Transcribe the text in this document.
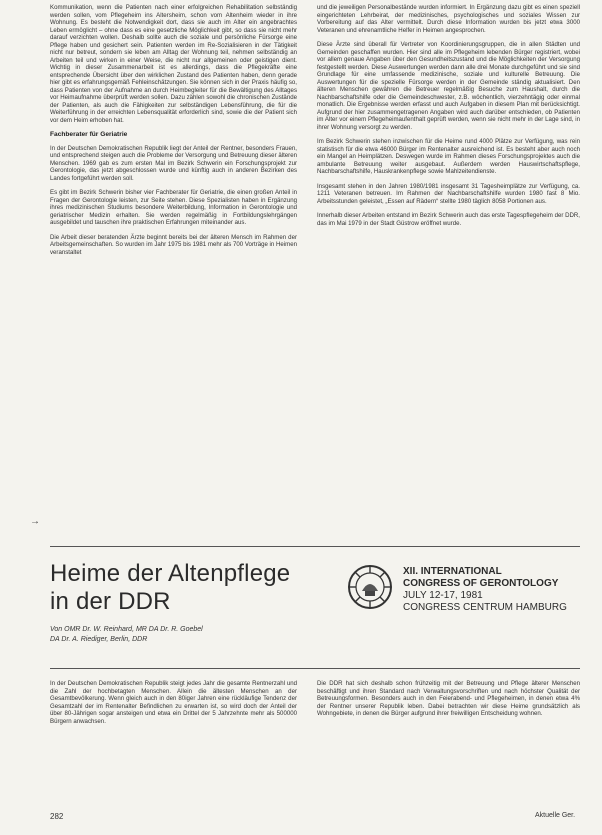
Kommunikation, wenn die Patienten nach einer erfolgreichen Rehabilitation selbständig werden sollen, vom Pflegeheim ins Altersheim, schon vom Altenheim wieder in ihre Wohnung. Es besteht die Notwendigkeit dort, dass sie auch im Alter ein angebrachtes Leben ermöglicht – ohne dass es eine gesetzliche Möglichkeit gibt, so dass sie nicht mehr darauf verzichten wollen. Deshalb sollte auch die soziale und persönliche Fürsorge eine Pflege haben und gesichert sein. Patienten werden im Re-Sozialisieren in der Tätigkeit nicht nur betreut, sondern sie leben am Alltag der Wohnung teil, nehmen selbständig an Arbeiten teil und wirken in einer Weise, die nicht nur allgemeinen oder geistigen dient. Wichtig in dieser Zusammenarbeit ist es allerdings, dass die Pflegekräfte eine entsprechende Übersicht über den wirklichen Zustand des Patienten haben, denn gerade hier gibt es erfahrungsgemäß Fehleinschätzungen. Sie können sich in der Praxis häufig so, dass Patienten von der Aufnahme an durch Heimbegleiter für die Bewältigung des Alltages vor Heimaufnahme überprüft werden sollen. Dazu zählen sowohl die chronischen Zustände der Patienten, als auch die Fähigkeiten zur selbständigen Lebensführung, die für die Weiterführung in der erreichten Lebensqualität erforderlich sind, sowie die der Patient sich vor dem Heim erhoben hat.

Fachberater für Geriatrie

In der Deutschen Demokratischen Republik liegt der Anteil der Rentner, besonders Frauen, und entsprechend steigen auch die Probleme der Versorgung und Betreuung dieser älteren Menschen. 1969 gab es zum ersten Mal im Bezirk Schwerin ein Forschungsprojekt zur Gerontologie, das jetzt abgeschlossen wurde und künftig auch in anderen Bezirken des Landes fortgeführt werden soll.

Es gibt im Bezirk Schwerin bisher vier Fachberater für Geriatrie, die einen großen Anteil in Fragen der Gerontologie leisten, zur Seite stehen. Diese Spezialisten haben in Ergänzung ihres medizinischen Studiums besondere Weiterbildung, Information in Gerontologie und geriatrischer Medizin erhalten. Sie werden regelmäßig in Fortbildungslehrgängen ausgebildet und tauschen ihre praktischen Erfahrungen miteinander aus.

Die Arbeit dieser beratenden Ärzte beginnt bereits bei der älteren Mensch im Rahmen der Arbeitsgemeinschaften. So wurden im Jahr 1975 bis 1981 mehr als 700 Vorträge in Heimen veranstaltet

→

und die jeweiligen Personalbestände wurden informiert. In Ergänzung dazu gibt es einen speziell eingerichteten Lehrbeirat, der medizinisches, psychologisches und soziales Wissen zur Vorbereitung auf das Alter vermittelt. Durch diese Information wurden bis jetzt etwa 3000 Veteranen und ehrenamtliche Helfer in Heimen angesprochen.

Diese Ärzte sind überall für Vertreter von Koordinierungsgruppen, die in allen Städten und Gemeinden geschaffen wurden. Hier sind alle im Pflegeheim lebenden Bürger registriert, wobei vor allem genaue Angaben über den Gesundheitszustand und die Möglichkeiten der Versorgung festgestellt werden. Diese Auswertungen werden dann alle drei Monate durchgeführt und sie sind Grundlage für eine umfassende medizinische, soziale und kulturelle Betreuung. Die Auswertungen für die spezielle Fürsorge werden in der Gemeinde ständig aktualisiert. Den älteren Menschen gewähren die Betreuer regelmäßig Besuche zum Haushalt, durch die Nachbarschaftshilfe oder die Gemeindeschwester, z.B. wöchentlich, vierzehntägig oder einmal monatlich. Die Ergebnisse werden erfasst und auch Aufgaben in diesem Plan mit berücksichtigt. Aufgrund der hier zusammengetragenen Angaben wird auch darüber entschieden, ob Patienten im Alter vor einem Pflegeheimaufenthalt geprüft werden, wenn sie nicht mehr in der Lage sind, in ihrer Wohnung versorgt zu werden.

Im Bezirk Schwerin stehen inzwischen für die Heime rund 4000 Plätze zur Verfügung, was rein statistisch für die etwa 46000 Bürger im Rentenalter ausreichend ist. Es besteht aber auch noch ein Mangel an Heimplätzen. Deswegen wurde im Rahmen dieses Forschungsprojektes auch die ambulante Betreuung weiter ausgebaut. Außerdem werden Hauswirtschaftspflege, Nachbarschaftshilfe, Hauskrankenpflege sowie Mahlzeitendienste.

Insgesamt stehen in den Jahren 1980/1981 insgesamt 31 Tagesheimplätze zur Verfügung, ca. 1211 Veteranen betreuen. Im Rahmen der Nachbarschaftshilfe wurden 1980 fast 8 Mio. Arbeitsstunden geleistet, „Essen auf Rädern“ stellte 1980 täglich 8058 Portionen aus.

Innerhalb dieser Arbeiten entstand im Bezirk Schwerin auch das erste Tagespflegeheim der DDR, das im Mai 1979 in der Stadt Güstrow eröffnet wurde.

Heime der Altenpflege
in der DDR
Von OMR Dr. W. Reinhard, MR DA Dr. R. Goebel
DA Dr. A. Riediger, Berlin, DDR
XII. INTERNATIONAL
CONGRESS OF GERONTOLOGY
JULY 12-17, 1981
CONGRESS CENTRUM HAMBURG

In der Deutschen Demokratischen Republik steigt jedes Jahr die gesamte Rentnerzahl und die Zahl der hochbetagten Menschen. Allein die ältesten Menschen an der Gesamtbevölkerung. Wenn gleich auch in den 80iger Jahren eine rückläufige Tendenz der Gesamtzahl der im Rentenalter Befindlichen zu erwarten ist, so wird doch der Anteil der über 80-Jährigen sogar ansteigen und etwa ein Drittel der 5 Jahrzehnte mehr als 500000 Bürgern anwachsen.

Die DDR hat sich deshalb schon frühzeitig mit der Betreuung und Pflege älterer Menschen beschäftigt und ihren Standard nach Verwaltungsvorschriften und nach höchster Qualität der Betreuungsformen. Besonders auch in den Feierabend- und Pflegeheimen, in denen etwa 4% der Rentner unserer Republik leben. Dabei betrachten wir diese Heime grundsätzlich als Wohngebiete, in denen die Bürger aufgrund ihrer freiwilligen Entscheidung wohnen.

282	Aktuelle Ger.
